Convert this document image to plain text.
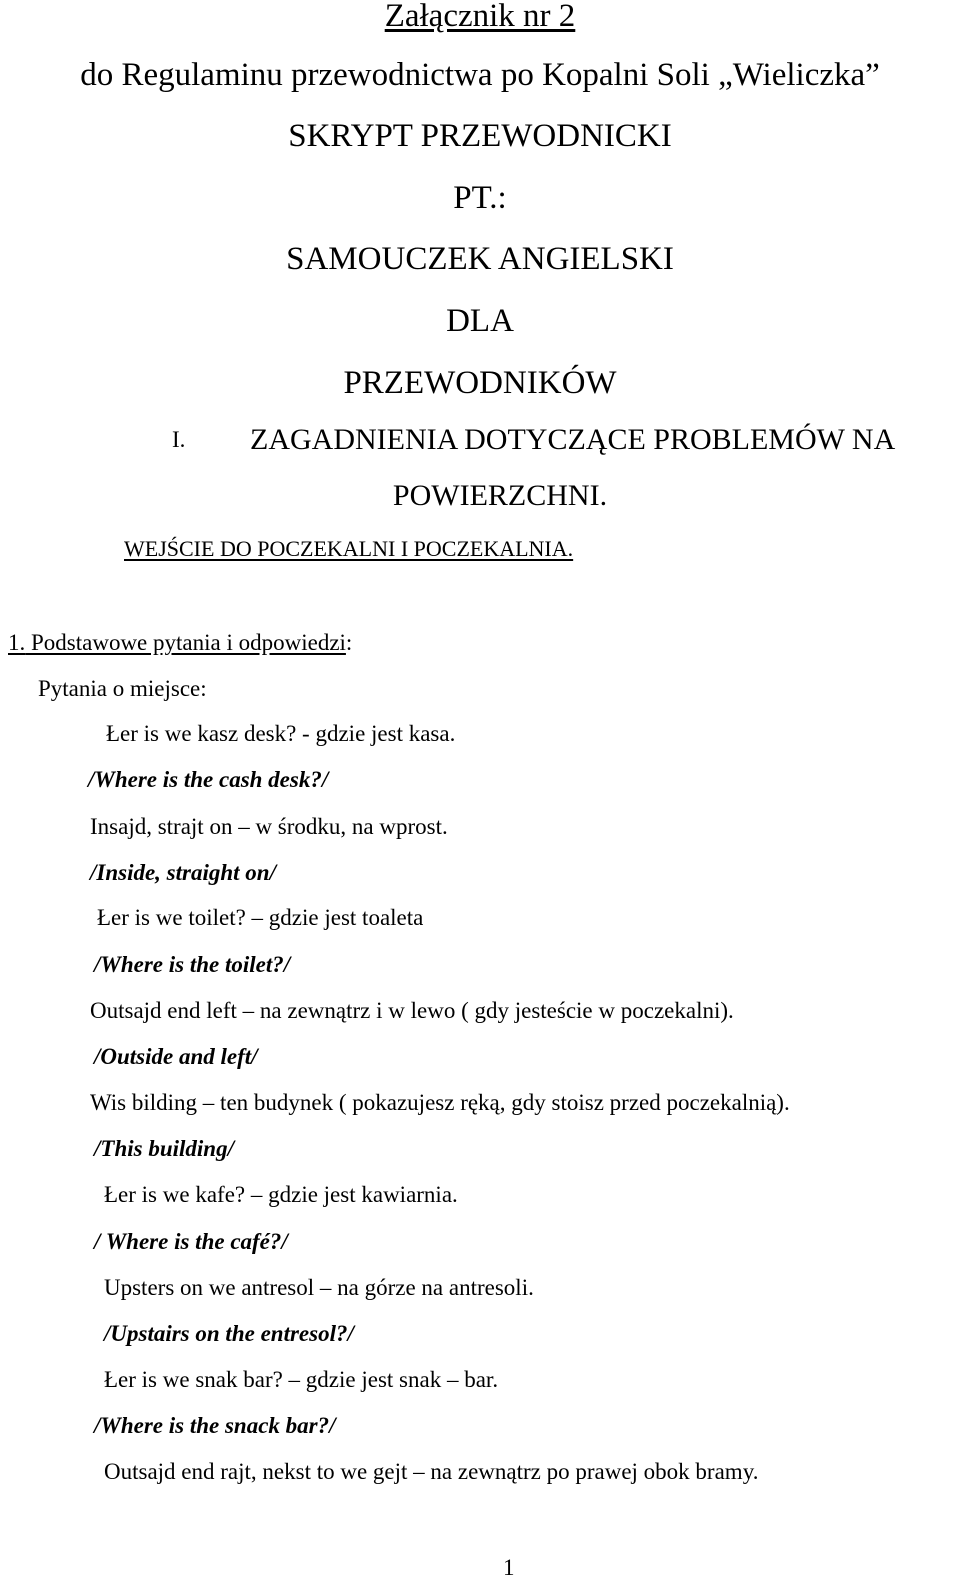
Załącznik nr 2
do Regulaminu przewodnictwa po Kopalni Soli „Wieliczka”
SKRYPT PRZEWODNICKI
PT.:
SAMOUCZEK ANGIELSKI
DLA
PRZEWODNIKÓW
I. ZAGADNIENIA DOTYCZĄCE PROBLEMÓW NA
POWIERZCHNI.
WEJŚCIE DO POCZEKALNI I POCZEKALNIA.
1. Podstawowe pytania i odpowiedzi:
Pytania o miejsce:
Łer is we kasz desk? - gdzie jest kasa.
/Where is the cash desk?/
Insajd, strajt on – w środku, na wprost.
/Inside, straight on/
Łer is we toilet? – gdzie jest toaleta
/Where is the toilet?/
Outsajd end left – na zewnątrz i w lewo ( gdy jesteście w poczekalni).
/Outside and left/
Wis bilding – ten budynek ( pokazujesz ręką, gdy stoisz przed poczekalnią).
/This building/
Łer is we kafe? – gdzie jest kawiarnia.
/ Where is the café?/
Upsters on we antresol – na górze na antresoli.
/Upstairs on the entresol?/
Łer is we snak bar? – gdzie jest snak – bar.
/Where is the snack bar?/
Outsajd end rajt, nekst to we gejt – na zewnątrz po prawej obok bramy.
1
